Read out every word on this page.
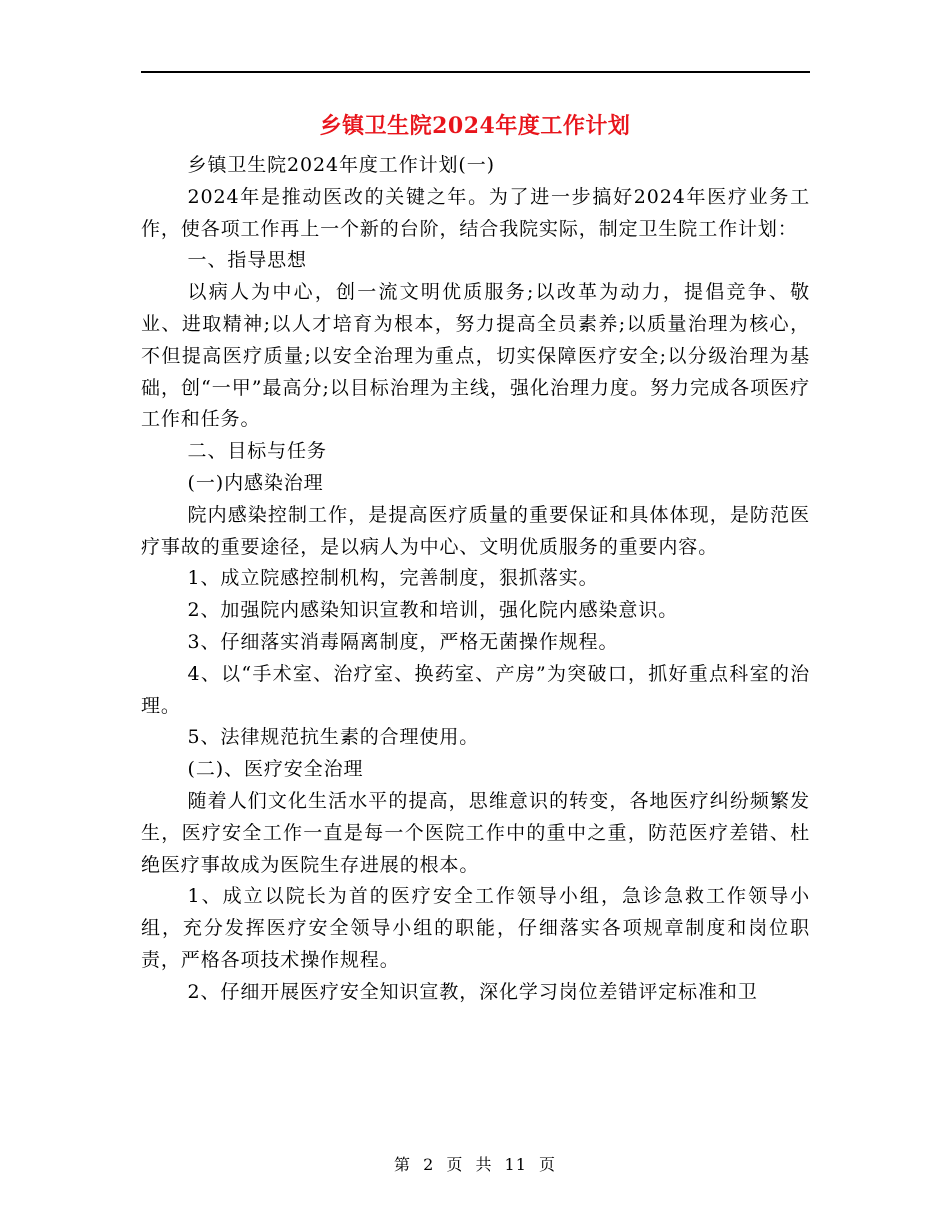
乡镇卫生院2024年度工作计划

乡镇卫生院2024年度工作计划(一)

2024年是推动医改的关键之年。为了进一步搞好2024年医疗业务工作，使各项工作再上一个新的台阶，结合我院实际，制定卫生院工作计划：

一、指导思想

以病人为中心，创一流文明优质服务;以改革为动力，提倡竞争、敬业、进取精神;以人才培育为根本，努力提高全员素养;以质量治理为核心，不但提高医疗质量;以安全治理为重点，切实保障医疗安全;以分级治理为基础，创“一甲”最高分;以目标治理为主线，强化治理力度。努力完成各项医疗工作和任务。

二、目标与任务

(一)内感染治理

院内感染控制工作，是提高医疗质量的重要保证和具体体现，是防范医疗事故的重要途径，是以病人为中心、文明优质服务的重要内容。

1、成立院感控制机构，完善制度，狠抓落实。

2、加强院内感染知识宣教和培训，强化院内感染意识。

3、仔细落实消毒隔离制度，严格无菌操作规程。

4、以“手术室、治疗室、换药室、产房”为突破口，抓好重点科室的治理。

5、法律规范抗生素的合理使用。

(二)、医疗安全治理

随着人们文化生活水平的提高，思维意识的转变，各地医疗纠纷频繁发生，医疗安全工作一直是每一个医院工作中的重中之重，防范医疗差错、杜绝医疗事故成为医院生存进展的根本。

1、成立以院长为首的医疗安全工作领导小组，急诊急救工作领导小组，充分发挥医疗安全领导小组的职能，仔细落实各项规章制度和岗位职责，严格各项技术操作规程。

2、仔细开展医疗安全知识宣教，深化学习岗位差错评定标准和卫

第 2 页 共 11 页
